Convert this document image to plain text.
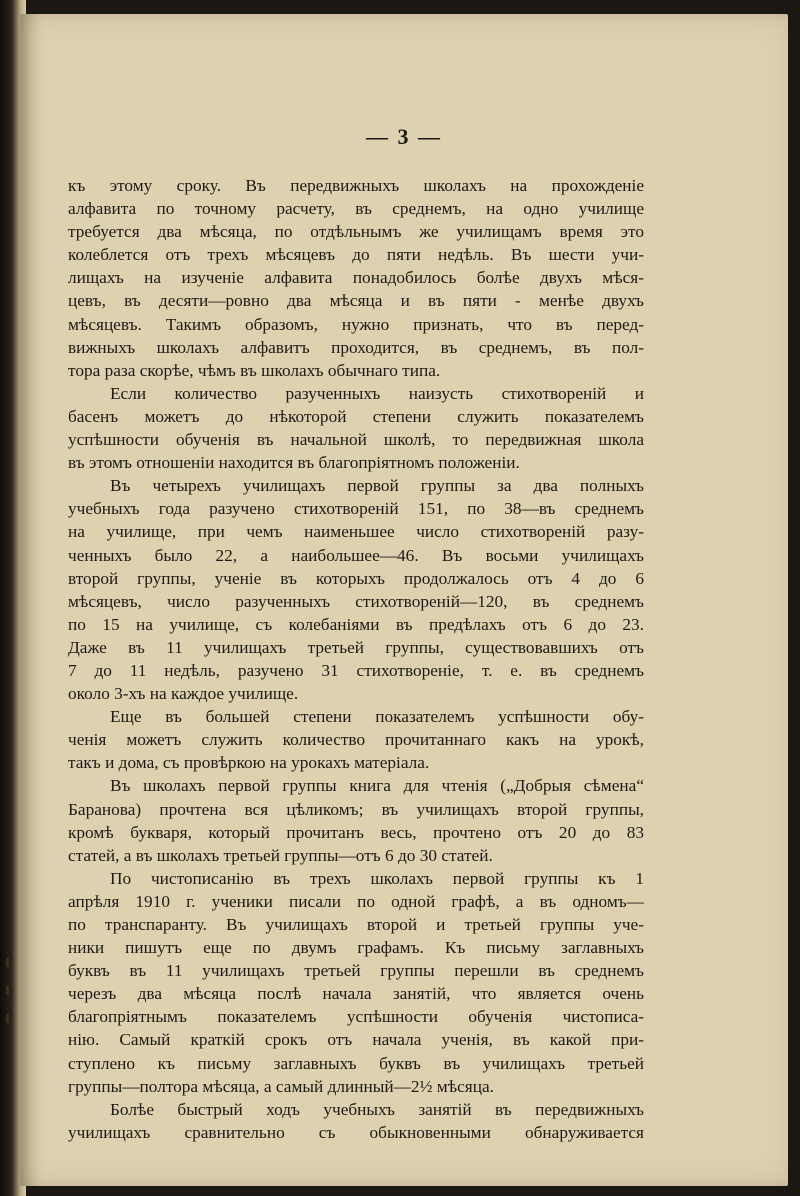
— 3 —
къ этому сроку. Въ передвижныхъ школахъ на прохожденіе
алфавита по точному расчету, въ среднемъ, на одно училище
требуется два мѣсяца, по отдѣльнымъ же училищамъ время это
колеблется отъ трехъ мѣсяцевъ до пяти недѣль. Въ шести учи-
лищахъ на изученіе алфавита понадобилось болѣе двухъ мѣся-
цевъ, въ десяти—ровно два мѣсяца и въ пяти - менѣе двухъ
мѣсяцевъ. Такимъ образомъ, нужно признать, что въ перед-
вижныхъ школахъ алфавитъ проходится, въ среднемъ, въ пол-
тора раза скорѣе, чѣмъ въ школахъ обычнаго типа.
Если количество разученныхъ наизусть стихотвореній и
басенъ можетъ до нѣкоторой степени служить показателемъ
успѣшности обученія въ начальной школѣ, то передвижная школа
въ этомъ отношеніи находится въ благопріятномъ положеніи.
Въ четырехъ училищахъ первой группы за два полныхъ
учебныхъ года разучено стихотвореній 151, по 38—въ среднемъ
на училище, при чемъ наименьшее число стихотвореній разу-
ченныхъ было 22, а наибольшее—46. Въ восьми училищахъ
второй группы, ученіе въ которыхъ продолжалось отъ 4 до 6
мѣсяцевъ, число разученныхъ стихотвореній—120, въ среднемъ
по 15 на училище, съ колебаніями въ предѣлахъ отъ 6 до 23.
Даже въ 11 училищахъ третьей группы, существовавшихъ отъ
7 до 11 недѣль, разучено 31 стихотвореніе, т. е. въ среднемъ
около 3-хъ на каждое училище.
Еще въ большей степени показателемъ успѣшности обу-
ченія можетъ служить количество прочитаннаго какъ на урокѣ,
такъ и дома, съ провѣркою на урокахъ матеріала.
Въ школахъ первой группы книга для чтенія („Добрыя сѣмена“
Баранова) прочтена вся цѣликомъ; въ училищахъ второй группы,
кромѣ букваря, который прочитанъ весь, прочтено отъ 20 до 83
статей, а въ школахъ третьей группы—отъ 6 до 30 статей.
По чистописанію въ трехъ школахъ первой группы къ 1
апрѣля 1910 г. ученики писали по одной графѣ, а въ одномъ—
по транспаранту. Въ училищахъ второй и третьей группы уче-
ники пишутъ еще по двумъ графамъ. Къ письму заглавныхъ
буквъ въ 11 училищахъ третьей группы перешли въ среднемъ
черезъ два мѣсяца послѣ начала занятій, что является очень
благопріятнымъ показателемъ успѣшности обученія чистописа-
нію. Самый краткій срокъ отъ начала ученія, въ какой при-
ступлено къ письму заглавныхъ буквъ въ училищахъ третьей
группы—полтора мѣсяца, а самый длинный—2½ мѣсяца.
Болѣе быстрый ходъ учебныхъ занятій въ передвижныхъ
училищахъ сравнительно съ обыкновенными обнаруживается
